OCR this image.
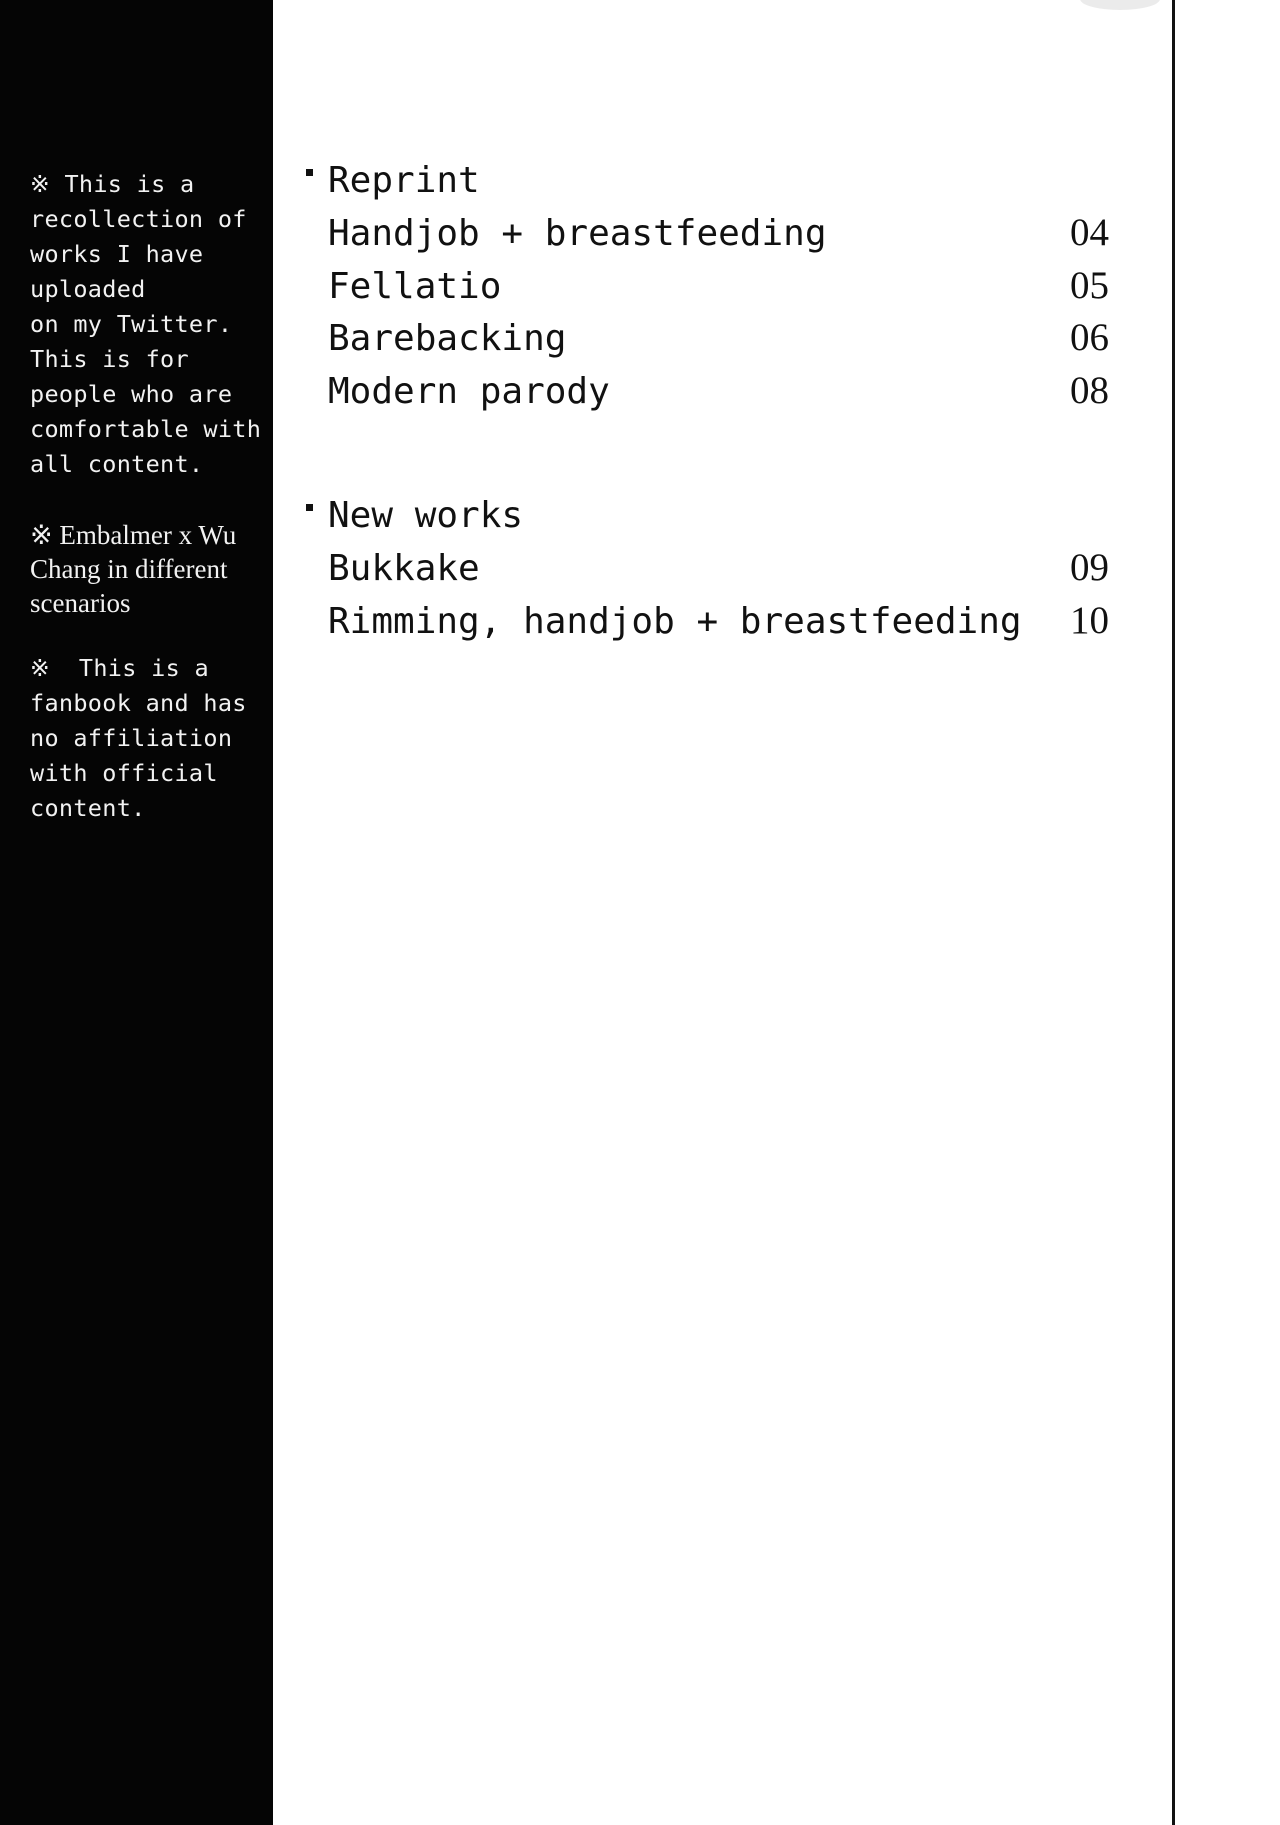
※ This is a
recollection of
works I have
uploaded
on my Twitter.
This is for
people who are
comfortable with
all content.

※ Embalmer x Wu
Chang in different
scenarios

※  This is a
fanbook and has
no affiliation
with official
content.

Reprint
Handjob + breastfeeding	04
Fellatio	05
Barebacking	06
Modern parody	08
New works
Bukkake	09
Rimming, handjob + breastfeeding 10
